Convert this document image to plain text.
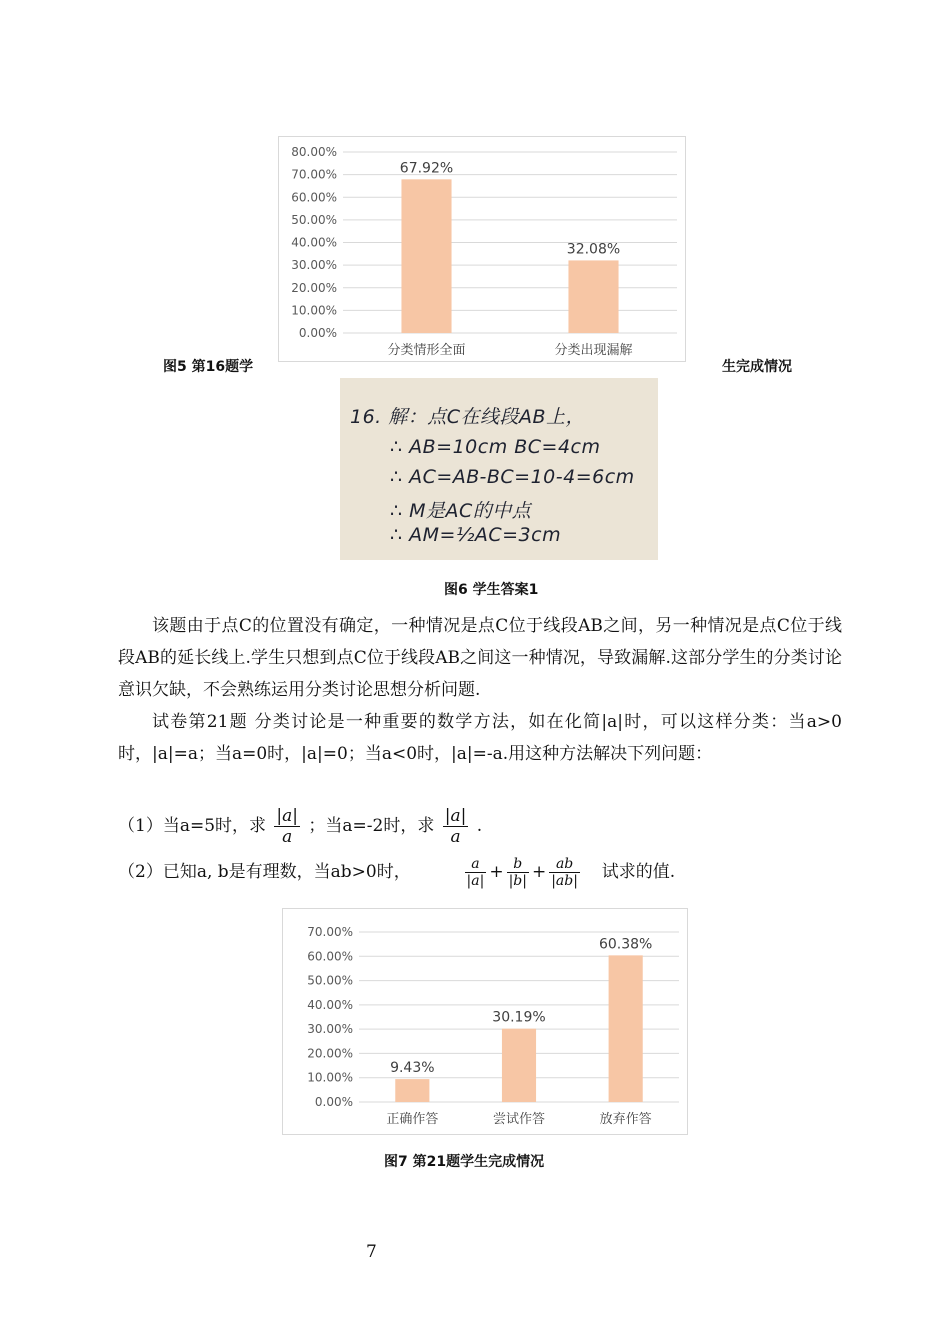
0.00%
10.00%
20.00%
30.00%
40.00%
50.00%
60.00%
70.00%
80.00%
67.92%
分类情形全面
32.08%
分类出现漏解
图5 第16题学	生完成情况
16. 解：点C在线段AB上，
∴ AB=10cm BC=4cm
∴ AC=AB-BC=10-4=6cm
∴ M是AC的中点
∴ AM=½AC=3cm
图6 学生答案1

该题由于点C的位置没有确定，一种情况是点C位于线段AB之间，另一种情况是点C位于线段AB的延长线上.学生只想到点C位于线段AB之间这一种情况，导致漏解.这部分学生的分类讨论意识欠缺，不会熟练运用分类讨论思想分析问题.

试卷第21题 分类讨论是一种重要的数学方法，如在化简|a|时，可以这样分类：当a>0时，|a|=a；当a=0时，|a|=0；当a<0时，|a|=-a.用这种方法解决下列问题：

（1）当a=5时，求 $\frac{|a|}{a}$ ；当a=-2时，求 $\frac{|a|}{a}$ .
（2）已知a, b是有理数，当ab>0时，	$\frac{a}{|a|} + \frac{b}{|b|} + \frac{ab}{|ab|}$ 试求的值.
0.00%
10.00%
20.00%
30.00%
40.00%
50.00%
60.00%
70.00%
9.43%
正确作答
30.19%
尝试作答
60.38%
放弃作答
图7 第21题学生完成情况
7
